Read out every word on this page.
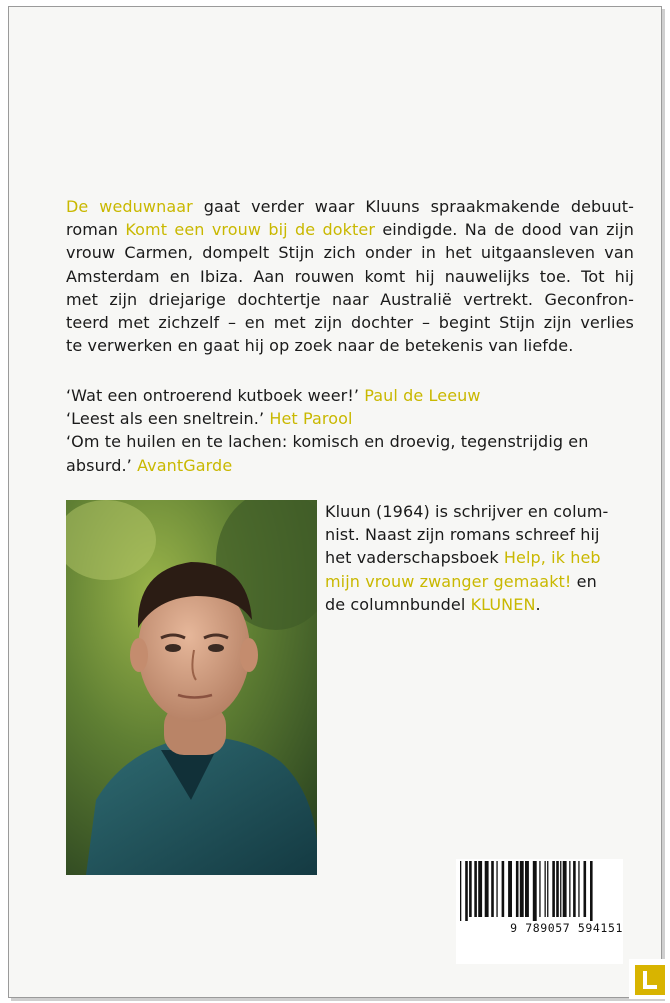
De weduwnaar gaat verder waar Kluuns spraakmakende debuut-
roman Komt een vrouw bij de dokter eindigde. Na de dood van zijn
vrouw Carmen, dompelt Stijn zich onder in het uitgaansleven van
Amsterdam en Ibiza. Aan rouwen komt hij nauwelijks toe. Tot hij
met zijn driejarige dochtertje naar Australië vertrekt. Geconfron-
teerd met zichzelf – en met zijn dochter – begint Stijn zijn verlies
te verwerken en gaat hij op zoek naar de betekenis van liefde.
‘Wat een ontroerend kutboek weer!’ Paul de Leeuw
‘Leest als een sneltrein.’ Het Parool
‘Om te huilen en te lachen: komisch en droevig, tegenstrijdig en
absurd.’ AvantGarde
Kluun (1964) is schrijver en colum-
nist. Naast zijn romans schreef hij
het vaderschapsboek Help, ik heb
mijn vrouw zwanger gemaakt! en
de columnbundel KLUNEN.
9 789057 594151
